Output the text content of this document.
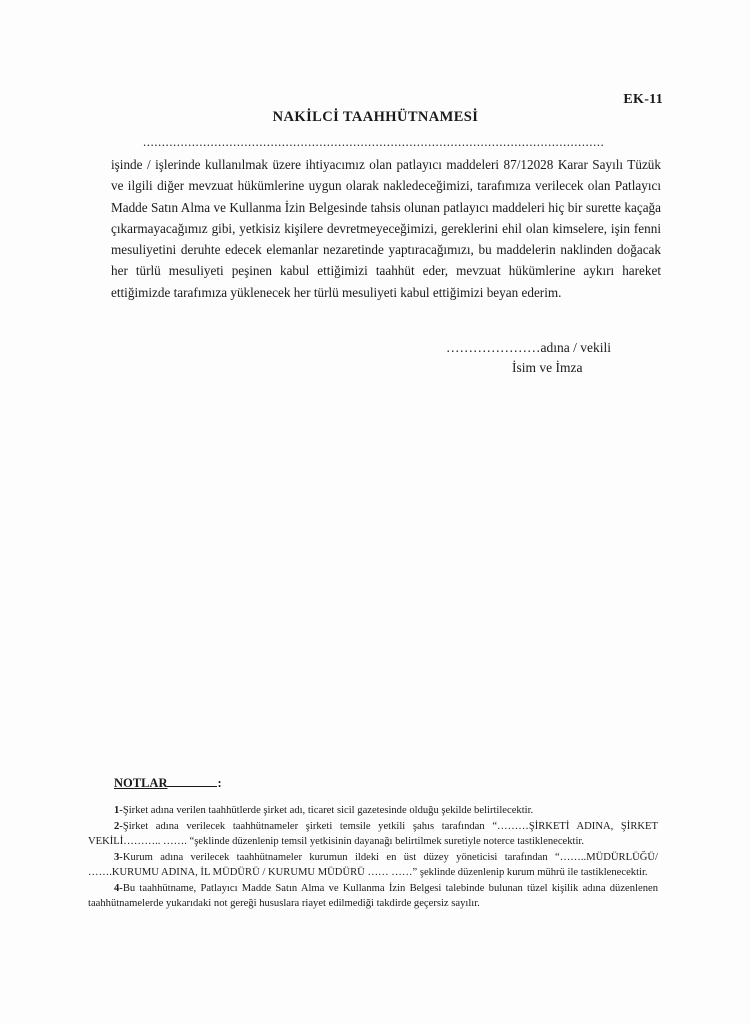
EK-11
NAKİLCİ TAAHHÜTNAMESİ
...........................................................................................................................
işinde / işlerinde kullanılmak üzere ihtiyacımız olan patlayıcı maddeleri 87/12028 Karar Sayılı Tüzük ve ilgili diğer mevzuat hükümlerine uygun olarak nakledeceğimizi, tarafımıza verilecek olan Patlayıcı Madde Satın Alma ve Kullanma İzin Belgesinde tahsis olunan patlayıcı maddeleri hiç bir surette kaçağa çıkarmayacağımız gibi, yetkisiz kişilere devretmeyeceğimizi, gereklerini ehil olan kimselere, işin fenni mesuliyetini deruhte edecek elemanlar nezaretinde yaptıracağımızı, bu maddelerin naklinden doğacak her türlü mesuliyeti peşinen kabul ettiğimizi taahhüt eder, mevzuat hükümlerine aykırı hareket ettiğimizde tarafımıza yüklenecek her türlü mesuliyeti kabul ettiğimizi beyan ederim.
…………………adına / vekili
İsim ve İmza
NOTLAR	:

1-Şirket adına verilen taahhütlerde şirket adı, ticaret sicil gazetesinde olduğu şekilde belirtilecektir.

2-Şirket adına verilecek taahhütnameler şirketi temsile yetkili şahıs tarafından “………ŞİRKETİ ADINA, ŞİRKET VEKİLİ……….. ……. “şeklinde düzenlenip temsil yetkisinin dayanağı belirtilmek suretiyle noterce tastiklenecektir.

3-Kurum adına verilecek taahhütnameler kurumun ildeki en üst düzey yöneticisi tarafından “……..MÜDÜRLÜĞÜ/ …….KURUMU ADINA, İL MÜDÜRÜ / KURUMU MÜDÜRÜ …… ……” şeklinde düzenlenip kurum mührü ile tastiklenecektir.

4-Bu taahhütname, Patlayıcı Madde Satın Alma ve Kullanma İzin Belgesi talebinde bulunan tüzel kişilik adına düzenlenen taahhütnamelerde yukarıdaki not gereği hususlara riayet edilmediği takdirde geçersiz sayılır.
